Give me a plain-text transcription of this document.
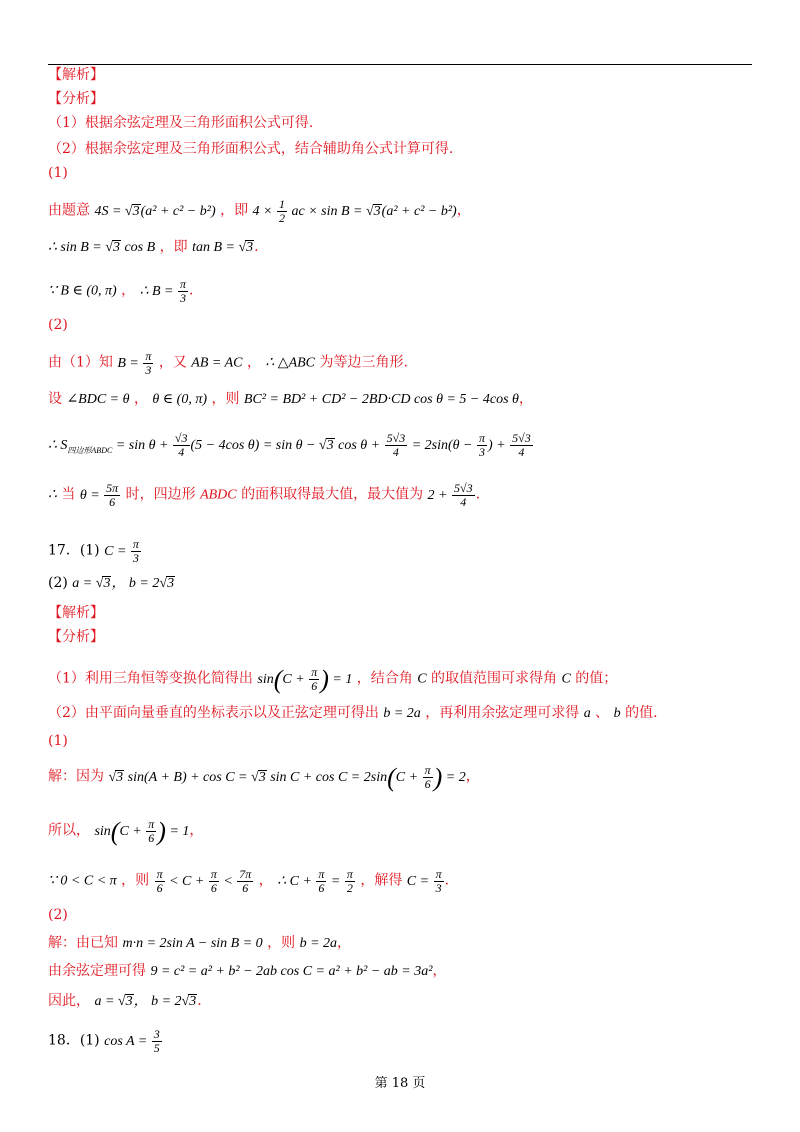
【解析】
【分析】
（1）根据余弦定理及三角形面积公式可得.
（2）根据余弦定理及三角形面积公式，结合辅助角公式计算可得.
(1)
由题意 4S = √3(a² + c² − b²) ，即 $4 \times \frac{1}{2}$ ac × sin B = √3(a² + c² − b²)，
∴ sin B = √3 cos B ，即 tan B = √3.
∵ B ∈ (0, π) ， ∴ $B = \frac{\pi}{3}$ .
(2)
由（1）知 $B = \frac{\pi}{3}$ ，又 AB = AC ， ∴ △ABC 为等边三角形.
设 ∠BDC = θ ， θ ∈ (0, π) ，则 BC² = BD² + CD² − 2BD·CD cos θ = 5 − 4cos θ，
∴ $S_{四边形ABDC} = \sin \theta + \frac{√3}{4} (5 - 4\cos$ θ) = sin θ − √3 $\cos \theta + \frac{5√3}{4} = 2\sin(\theta - \frac{\pi}{3}$ ) + $\frac{5√3}{4}$
∴ 当 $\theta = \frac{5\pi}{6}$ 时，四边形 ABDC 的面积取得最大值，最大值为 $2 + \frac{5√3}{4}$ .
17．(1) $C = \frac{\pi}{3}$
(2) a = √3， b = 2√3
【解析】
【分析】
（1）利用三角恒等变换化简得出 $\sin(C + \frac{\pi}{6}$ ) = 1 ，结合角 C 的取值范围可求得角 C 的值；
（2）由平面向量垂直的坐标表示以及正弦定理可得出 b = 2a ，再利用余弦定理可求得 a 、 b 的值.
(1)
解：因为 √3 sin(A + B) + cos C = √3 $\sin C + \cos C = 2\sin(C + \frac{\pi}{6}$ ) = 2，
所以， $\sin(C + \frac{\pi}{6}$ ) = 1，
∵ 0 < C < π ，则 $\frac{\pi}{6} < C + \frac{\pi}{6} < \frac{7\pi}{6}$ ， ∴ $C + \frac{\pi}{6} = \frac{\pi}{2}$ ，解得 $C = \frac{\pi}{3}$ .
(2)
解：由已知 m·n = 2sin A − sin B = 0 ，则 b = 2a，
由余弦定理可得 9 = c² = a² + b² − 2ab cos C = a² + b² − ab = 3a²，
因此， a = √3， b = 2√3.
18．(1) $\cos A = \frac{3}{5}$
第 18 页
